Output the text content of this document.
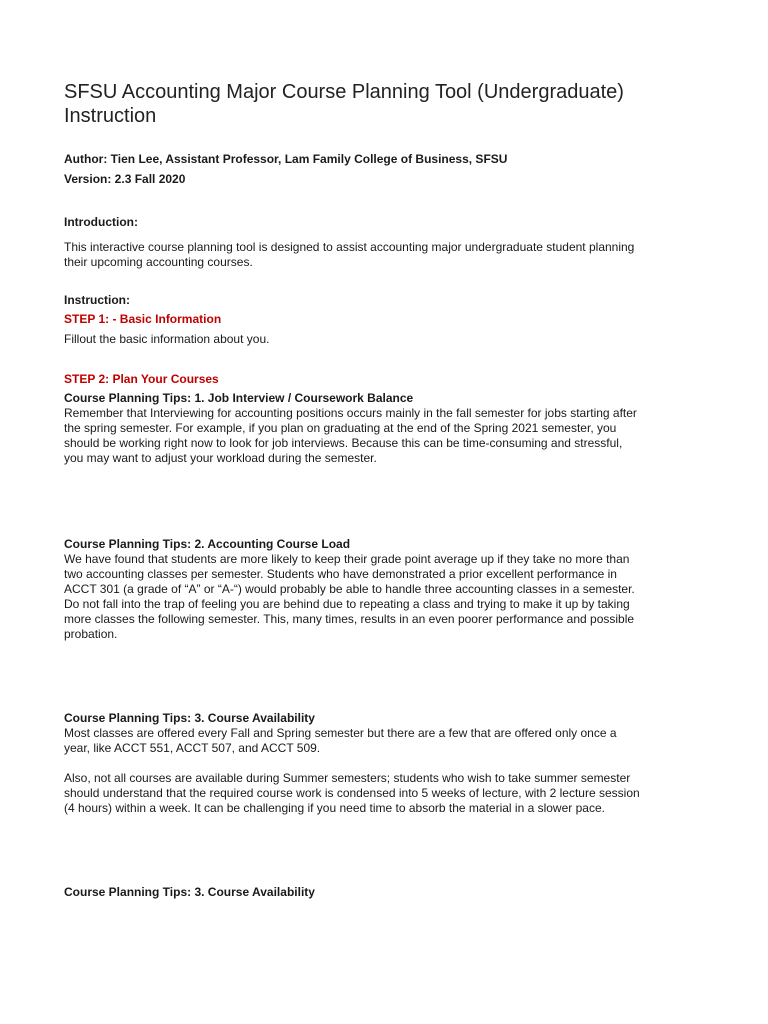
SFSU Accounting Major Course Planning Tool (Undergraduate)
Instruction

Author: Tien Lee, Assistant Professor, Lam Family College of Business, SFSU

Version: 2.3 Fall 2020

Introduction:

This interactive course planning tool is designed to assist accounting major undergraduate student planning their upcoming accounting courses.

Instruction:

STEP 1: - Basic Information

Fillout the basic information about you.

STEP 2: Plan Your Courses

Course Planning Tips: 1. Job Interview / Coursework Balance

Remember that Interviewing for accounting positions occurs mainly in the fall semester for jobs starting after the spring semester. For example, if you plan on graduating at the end of the Spring 2021 semester, you should be working right now to look for job interviews. Because this can be time-consuming and stressful, you may want to adjust your workload during the semester.

Course Planning Tips: 2. Accounting Course Load

We have found that students are more likely to keep their grade point average up if they take no more than two accounting classes per semester. Students who have demonstrated a prior excellent performance in ACCT 301 (a grade of “A” or “A-“) would probably be able to handle three accounting classes in a semester. Do not fall into the trap of feeling you are behind due to repeating a class and trying to make it up by taking more classes the following semester. This, many times, results in an even poorer performance and possible probation.

Course Planning Tips: 3. Course Availability

Most classes are offered every Fall and Spring semester but there are a few that are offered only once a year, like ACCT 551, ACCT 507, and ACCT 509.

Also, not all courses are available during Summer semesters; students who wish to take summer semester should understand that the required course work is condensed into 5 weeks of lecture, with 2 lecture session (4 hours) within a week. It can be challenging if you need time to absorb the material in a slower pace.

Course Planning Tips: 3. Course Availability
